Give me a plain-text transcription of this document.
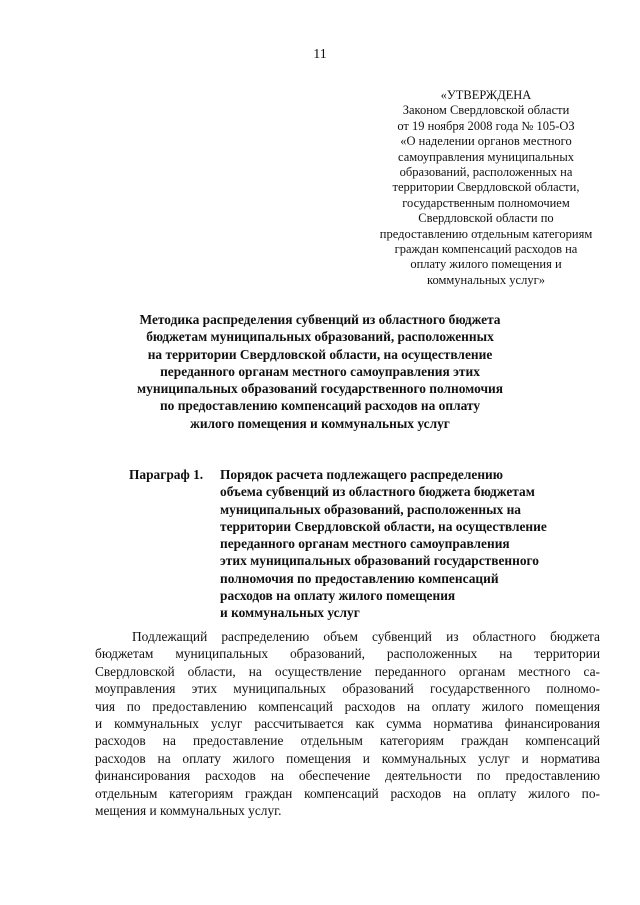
11
«УТВЕРЖДЕНА
Законом Свердловской области
от 19 ноября 2008 года № 105-ОЗ
«О наделении органов местного
самоуправления муниципальных
образований, расположенных на
территории Свердловской области,
государственным полномочием
Свердловской области по
предоставлению отдельным категориям
граждан компенсаций расходов на
оплату жилого помещения и
коммунальных услуг»
Методика распределения субвенций из областного бюджета
бюджетам муниципальных образований, расположенных
на территории Свердловской области, на осуществление
переданного органам местного самоуправления этих
муниципальных образований государственного полномочия
по предоставлению компенсаций расходов на оплату
жилого помещения и коммунальных услуг
Параграф 1. Порядок расчета подлежащего распределению
объема субвенций из областного бюджета бюджетам
муниципальных образований, расположенных на
территории Свердловской области, на осуществление
переданного органам местного самоуправления
этих муниципальных образований государственного
полномочия по предоставлению компенсаций
расходов на оплату жилого помещения
и коммунальных услуг
Подлежащий распределению объем субвенций из областного бюджета
бюджетам муниципальных образований, расположенных на территории
Свердловской области, на осуществление переданного органам местного са-
моуправления этих муниципальных образований государственного полномо-
чия по предоставлению компенсаций расходов на оплату жилого помещения
и коммунальных услуг рассчитывается как сумма норматива финансирования
расходов на предоставление отдельным категориям граждан компенсаций
расходов на оплату жилого помещения и коммунальных услуг и норматива
финансирования расходов на обеспечение деятельности по предоставлению
отдельным категориям граждан компенсаций расходов на оплату жилого по-
мещения и коммунальных услуг.
